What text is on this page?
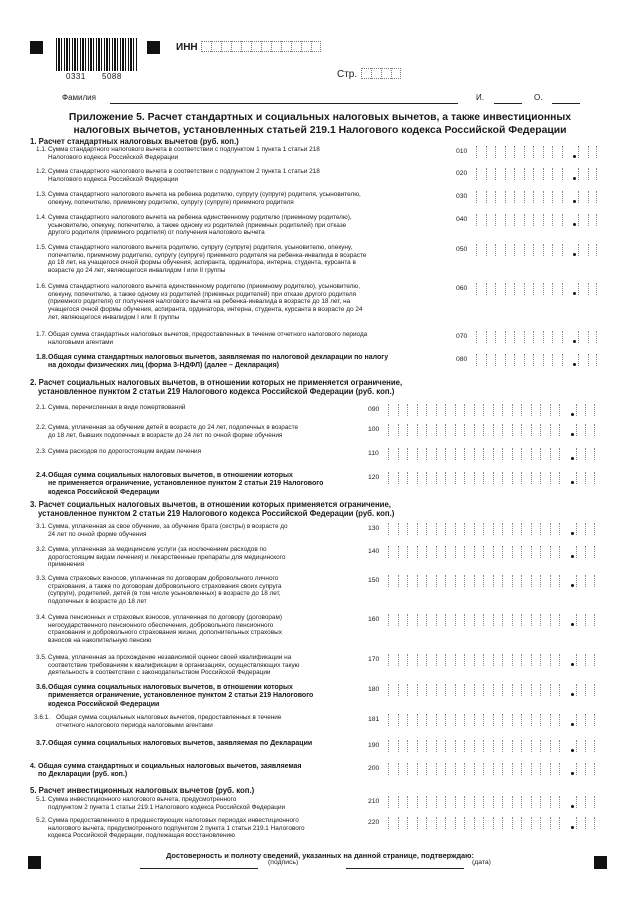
0331 5088
ИНН
Стр.
Фамилия	И.	О.
Приложение 5. Расчет стандартных и социальных налоговых вычетов, а также инвестиционных
налоговых вычетов, установленных статьей 219.1 Налогового кодекса Российской Федерации
1. Расчет стандартных налоговых вычетов (руб. коп.)
2. Расчет социальных налоговых вычетов, в отношении которых не применяется ограничение,
установленное пунктом 2 статьи 219 Налогового кодекса Российской Федерации (руб. коп.)
3. Расчет социальных налоговых вычетов, в отношении которых применяется ограничение,
установленное пунктом 2 статьи 219 Налогового кодекса Российской Федерации (руб. коп.)
5. Расчет инвестиционных налоговых вычетов (руб. коп.)
1.1. Сумма стандартного налогового вычета в соответствии с подпунктом 1 пункта 1 статьи 218
Налогового кодекса Российской Федерации
010
1.2. Сумма стандартного налогового вычета в соответствии с подпунктом 2 пункта 1 статьи 218
Налогового кодекса Российской Федерации
020
1.3. Сумма стандартного налогового вычета на ребенка родителю, супругу (супруге) родителя, усыновителю,
опекуну, попечителю, приемному родителю, супругу (супруге) приемного родителя
030
1.4. Сумма стандартного налогового вычета на ребенка единственному родителю (приемному родителю),
усыновителю, опекуну, попечителю, а также одному из родителей (приемных родителей) при отказе
другого родителя (приемного родителя) от получения налогового вычета
040
1.5. Сумма стандартного налогового вычета родителю, супругу (супруге) родителя, усыновителю, опекуну,
попечителю, приемному родителю, супругу (супруге) приемного родителя на ребенка-инвалида в возрасте
до 18 лет, на учащегося очной формы обучения, аспиранта, ординатора, интерна, студента, курсанта в
возрасте до 24 лет, являющегося инвалидом I или II группы
050
1.6. Сумма стандартного налогового вычета единственному родителю (приемному родителю), усыновителю,
опекуну, попечителю, а также одному из родителей (приемных родителей) при отказе другого родителя
(приемного родителя) от получения налогового вычета на ребенка-инвалида в возрасте до 18 лет, на
учащегося очной формы обучения, аспиранта, ординатора, интерна, студента, курсанта в возрасте до 24
лет, являющегося инвалидом I или II группы
060
1.7. Общая сумма стандартных налоговых вычетов, предоставленных в течение отчетного налогового периода
налоговыми агентами
070
1.8. Общая сумма стандартных налоговых вычетов, заявляемая по налоговой декларации по налогу
на доходы физических лиц (форма 3-НДФЛ) (далее – Декларация)
080
2.1. Сумма, перечисленная в виде пожертвований	090
2.2. Сумма, уплаченная за обучение детей в возрасте до 24 лет, подопечных в возрасте
до 18 лет, бывших подопечных в возрасте до 24 лет по очной форме обучения
100
2.3. Сумма расходов по дорогостоящим видам лечения	110
2.4. Общая сумма социальных налоговых вычетов, в отношении которых
не применяется ограничение, установленное пунктом 2 статьи 219 Налогового
кодекса Российской Федерации
120
3.1. Сумма, уплаченная за свое обучение, за обучение брата (сестры) в возрасте до
24 лет по очной форме обучения
130
3.2. Сумма, уплаченная за медицинские услуги (за исключением расходов по
дорогостоящим видам лечения) и лекарственные препараты для медицинского
применения
140
3.3. Сумма страховых взносов, уплаченная по договорам добровольного личного
страхования, а также по договорам добровольного страхования своих супруга
(супруги), родителей, детей (в том числе усыновленных) в возрасте до 18 лет,
подопечных в возрасте до 18 лет
150
3.4. Сумма пенсионных и страховых взносов, уплаченная по договору (договорам)
негосударственного пенсионного обеспечения, добровольного пенсионного
страхования и добровольного страхования жизни, дополнительных страховых
взносов на накопительную пенсию
160
3.5. Сумма, уплаченная за прохождение независимой оценки своей квалификации на
соответствие требованиям к квалификации в организациях, осуществляющих такую
деятельность в соответствии с законодательством Российской Федерации
170
3.6. Общая сумма социальных налоговых вычетов, в отношении которых
применяется ограничение, установленное пунктом 2 статьи 219 Налогового
кодекса Российской Федерации
180
3.6.1. Общая сумма социальных налоговых вычетов, предоставленных в течение
отчетного налогового периода налоговыми агентами
181
3.7. Общая сумма социальных налоговых вычетов, заявляемая по Декларации	190
4. Общая сумма стандартных и социальных налоговых вычетов, заявляемая
по Декларации (руб. коп.)
200
5.1. Сумма инвестиционного налогового вычета, предусмотренного
подпунктом 2 пункта 1 статьи 219.1 Налогового кодекса Российской Федерации
210
5.2. Сумма предоставленного в предшествующих налоговых периодах инвестиционного
налогового вычета, предусмотренного подпунктом 2 пункта 1 статьи 219.1 Налогового
кодекса Российской Федерации, подлежащая восстановлению
220
Достоверность и полноту сведений, указанных на данной странице, подтверждаю:
(подпись)	(дата)
